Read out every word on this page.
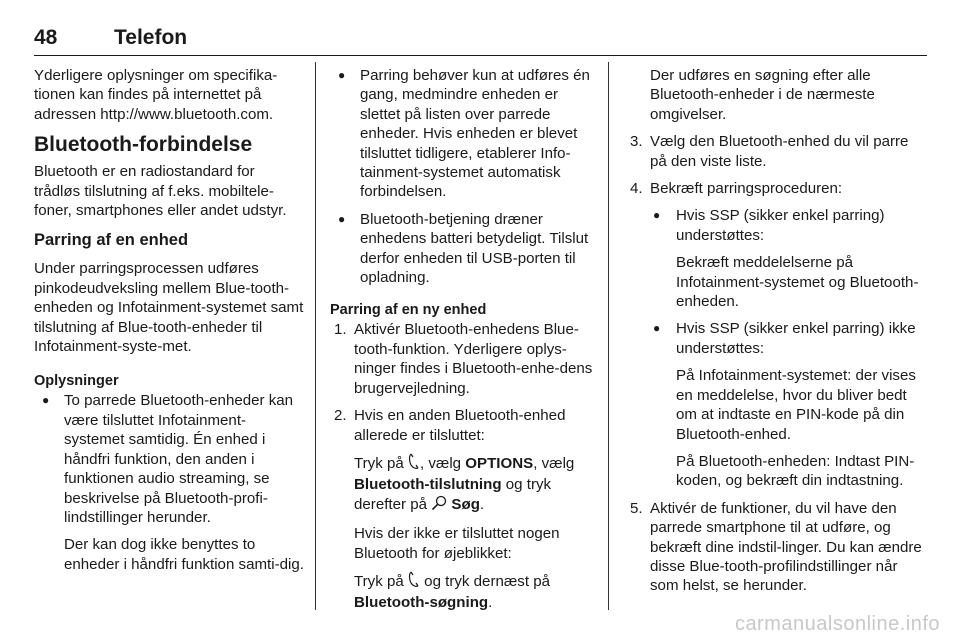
48	Telefon

Yderligere oplysninger om specifika-tionen kan findes på internettet på adressen http://www.bluetooth.com.

Bluetooth-forbindelse

Bluetooth er en radiostandard for trådløs tilslutning af f.eks. mobiltele-foner, smartphones eller andet udstyr.

Parring af en enhed

Under parringsprocessen udføres pinkodeudveksling mellem Blue-tooth-enheden og Infotainment-systemet samt tilslutning af Blue-tooth-enheder til Infotainment-syste-met.

Oplysninger
● To parrede Bluetooth-enheder kan være tilsluttet Infotainment-systemet samtidig. Én enhed i håndfri funktion, den anden i funktionen audio streaming, se beskrivelse på Bluetooth-profi-lindstillinger herunder.

Der kan dog ikke benyttes to enheder i håndfri funktion samti-dig.

● Parring behøver kun at udføres én gang, medmindre enheden er slettet på listen over parrede enheder. Hvis enheden er blevet tilsluttet tidligere, etablerer Info-tainment-systemet automatisk forbindelsen.

● Bluetooth-betjening dræner enhedens batteri betydeligt. Tilslut derfor enheden til USB-porten til opladning.

Parring af en ny enhed
1. Aktivér Bluetooth-enhedens Blue-tooth-funktion. Yderligere oplys-ninger findes i Bluetooth-enhe-dens brugervejledning.

2. Hvis en anden Bluetooth-enhed allerede er tilsluttet:

Tryk på , vælg OPTIONS, vælg Bluetooth-tilslutning og tryk derefter på Søg.

Hvis der ikke er tilsluttet nogen Bluetooth for øjeblikket:

Tryk på og tryk dernæst på Bluetooth-søgning.

Der udføres en søgning efter alle Bluetooth-enheder i de nærmeste omgivelser.

3. Vælg den Bluetooth-enhed du vil parre på den viste liste.

4. Bekræft parringsproceduren:

● Hvis SSP (sikker enkel parring) understøttes:

Bekræft meddelelserne på Infotainment-systemet og Bluetooth-enheden.

● Hvis SSP (sikker enkel parring) ikke understøttes:

På Infotainment-systemet: der vises en meddelelse, hvor du bliver bedt om at indtaste en PIN-kode på din Bluetooth-enhed.

På Bluetooth-enheden: Indtast PIN-koden, og bekræft din indtastning.

5. Aktivér de funktioner, du vil have den parrede smartphone til at udføre, og bekræft dine indstil-linger. Du kan ændre disse Blue-tooth-profilindstillinger når som helst, se herunder.

carmanualsonline.info
